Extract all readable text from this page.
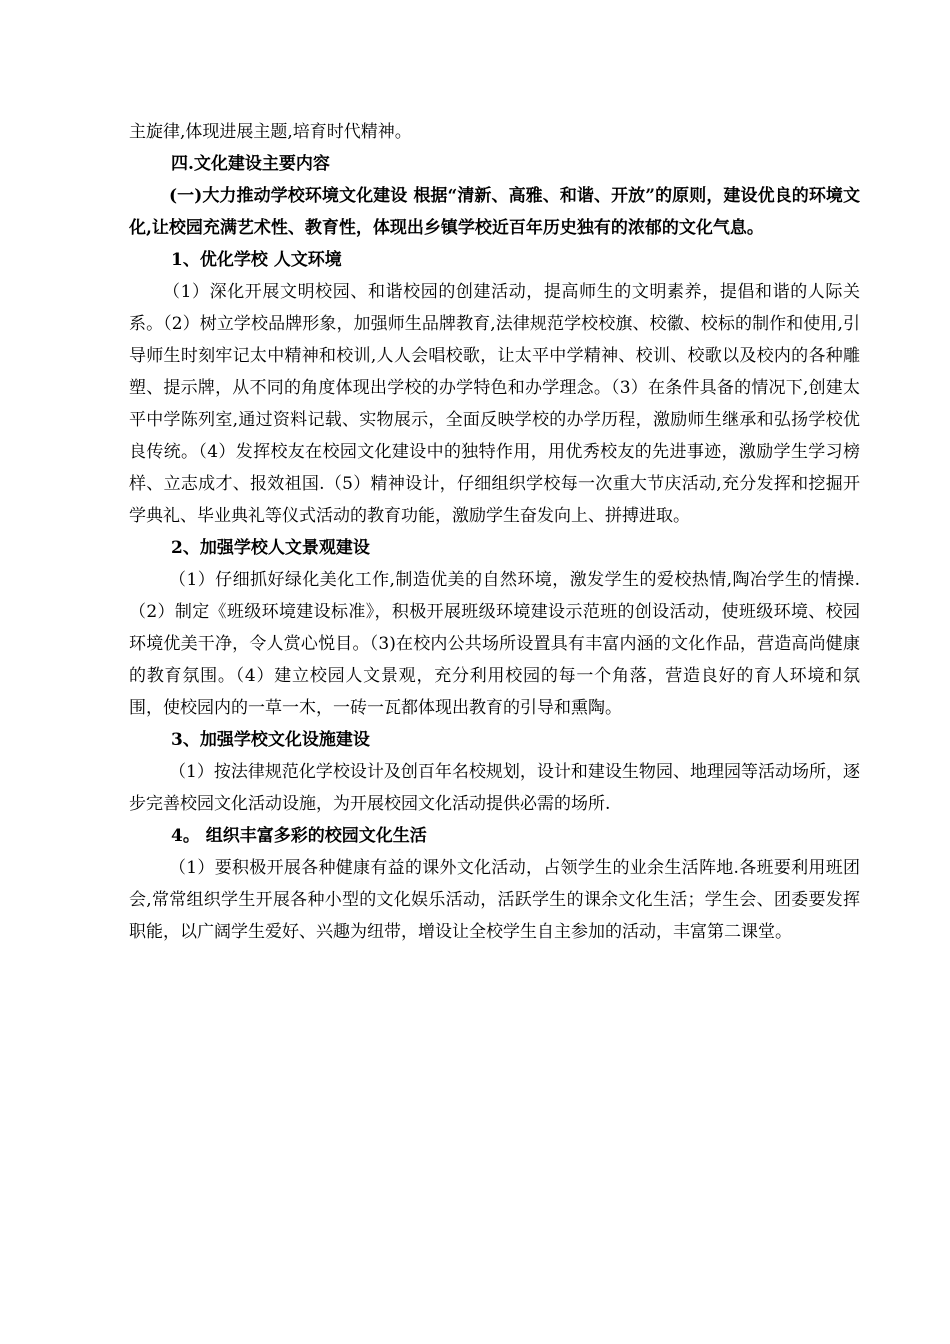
主旋律,体现进展主题,培育时代精神。

四.文化建设主要内容

(一)大力推动学校环境文化建设 根据“清新、高雅、和谐、开放”的原则，建设优良的环境文化,让校园充满艺术性、教育性，体现出乡镇学校近百年历史独有的浓郁的文化气息。

1、优化学校 人文环境

（1）深化开展文明校园、和谐校园的创建活动，提高师生的文明素养，提倡和谐的人际关系。（2）树立学校品牌形象，加强师生品牌教育,法律规范学校校旗、校徽、校标的制作和使用,引导师生时刻牢记太中精神和校训,人人会唱校歌，让太平中学精神、校训、校歌以及校内的各种雕塑、提示牌，从不同的角度体现出学校的办学特色和办学理念。（3）在条件具备的情况下,创建太平中学陈列室,通过资料记载、实物展示，全面反映学校的办学历程，激励师生继承和弘扬学校优良传统。（4）发挥校友在校园文化建设中的独特作用，用优秀校友的先进事迹，激励学生学习榜样、立志成才、报效祖国.（5）精神设计，仔细组织学校每一次重大节庆活动,充分发挥和挖掘开学典礼、毕业典礼等仪式活动的教育功能，激励学生奋发向上、拼搏进取。

2、加强学校人文景观建设

（1）仔细抓好绿化美化工作,制造优美的自然环境，激发学生的爱校热情,陶冶学生的情操.（2）制定《班级环境建设标准》，积极开展班级环境建设示范班的创设活动，使班级环境、校园环境优美干净，令人赏心悦目。（3)在校内公共场所设置具有丰富内涵的文化作品，营造高尚健康的教育氛围。（4）建立校园人文景观，充分利用校园的每一个角落，营造良好的育人环境和氛围，使校园内的一草一木，一砖一瓦都体现出教育的引导和熏陶。

3、加强学校文化设施建设

（1）按法律规范化学校设计及创百年名校规划，设计和建设生物园、地理园等活动场所，逐步完善校园文化活动设施，为开展校园文化活动提供必需的场所.

4。 组织丰富多彩的校园文化生活

（1）要积极开展各种健康有益的课外文化活动，占领学生的业余生活阵地.各班要利用班团会,常常组织学生开展各种小型的文化娱乐活动，活跃学生的课余文化生活；学生会、团委要发挥职能，以广阔学生爱好、兴趣为纽带，增设让全校学生自主参加的活动，丰富第二课堂。
